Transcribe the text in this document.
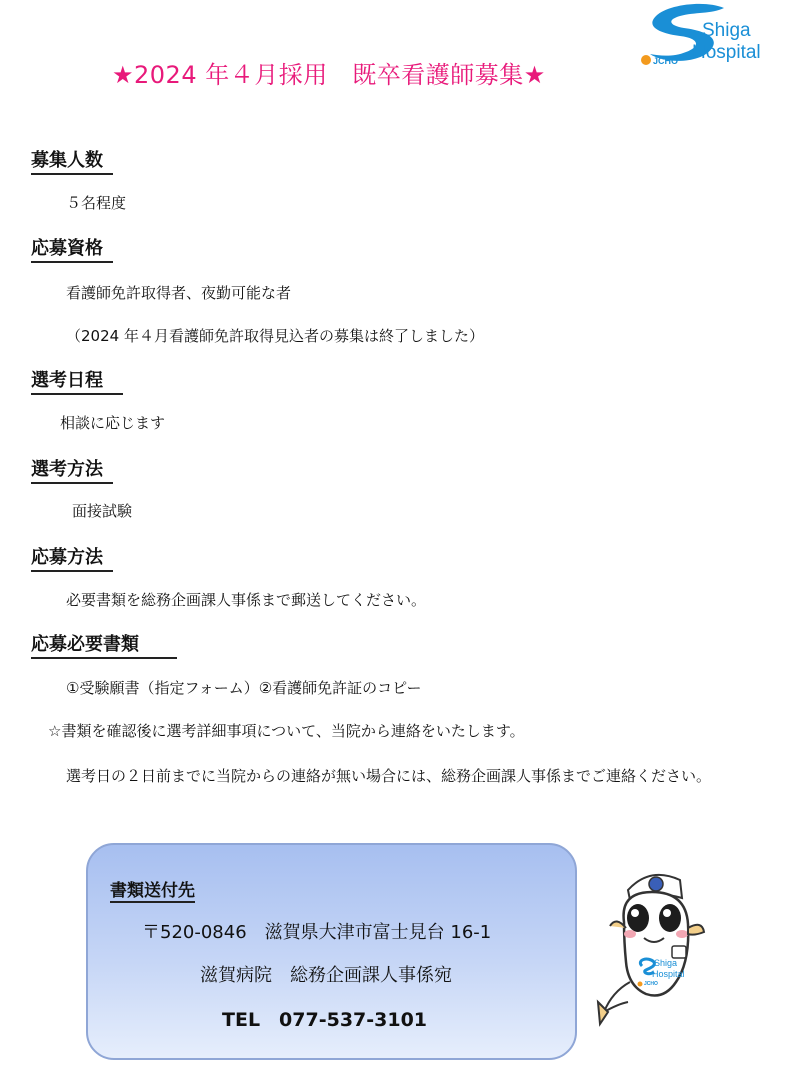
★2024 年４月採用　既卒看護師募集★
Shiga
Hospital
JCHO
募集人数
５名程度
応募資格
看護師免許取得者、夜勤可能な者
（2024 年４月看護師免許取得見込者の募集は終了しました）
選考日程
相談に応じます
選考方法
面接試験
応募方法
必要書類を総務企画課人事係まで郵送してください。
応募必要書類
①受験願書（指定フォーム）②看護師免許証のコピー
☆書類を確認後に選考詳細事項について、当院から連絡をいたします。
選考日の２日前までに当院からの連絡が無い場合には、総務企画課人事係までご連絡ください。
書類送付先
〒520-0846　滋賀県大津市富士見台 16-1
滋賀病院　総務企画課人事係宛
TEL　077-537-3101
Shiga
Hospital
JCHO
